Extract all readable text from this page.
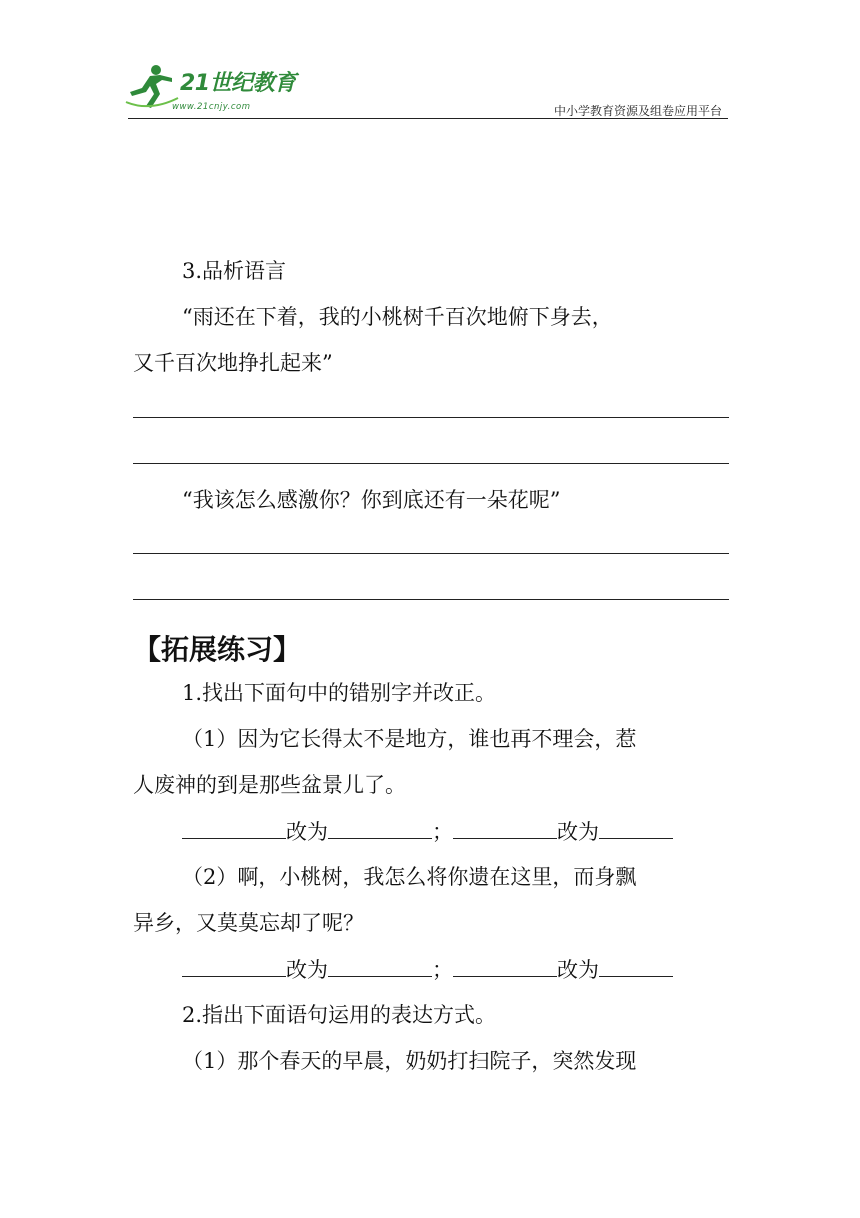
21世纪教育
www.21cnjy.com	中小学教育资源及组卷应用平台
3.品析语言
“雨还在下着，我的小桃树千百次地俯下身去，
又千百次地挣扎起来”
“我该怎么感激你？你到底还有一朵花呢”
【拓展练习】
1.找出下面句中的错别字并改正。
（1）因为它长得太不是地方，谁也再不理会，惹
人废神的到是那些盆景儿了。
改为	；	改为
（2）啊，小桃树，我怎么将你遗在这里，而身飘
异乡，又莫莫忘却了呢？
改为	；	改为
2.指出下面语句运用的表达方式。
（1）那个春天的早晨，奶奶打扫院子，突然发现
